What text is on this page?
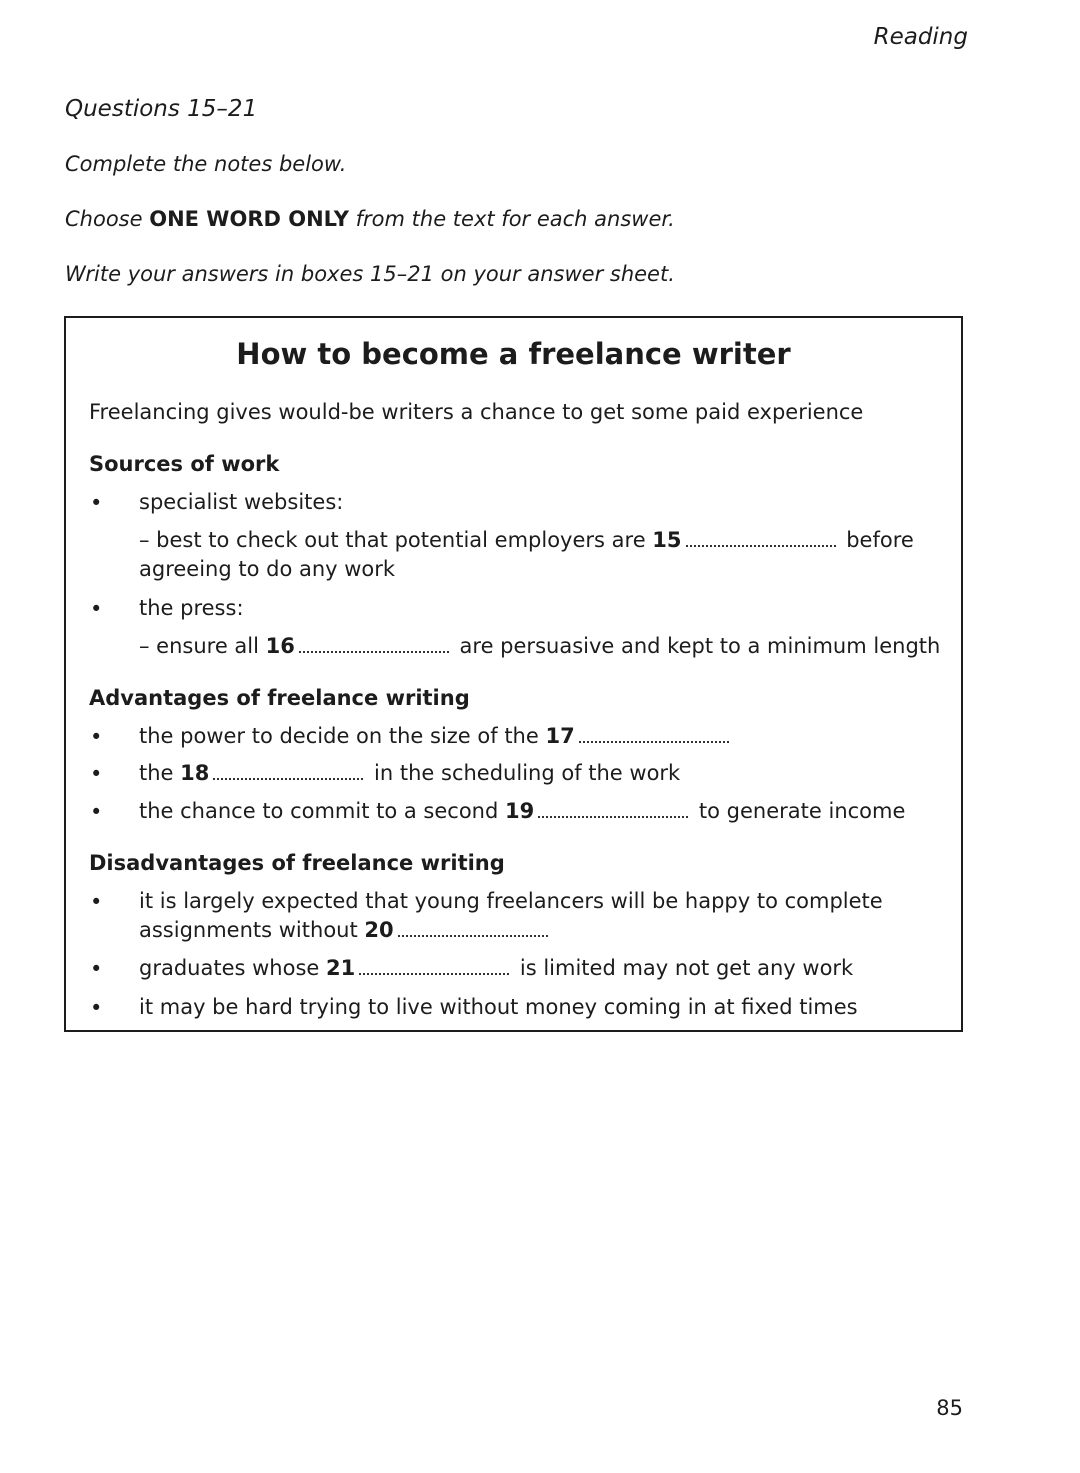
Reading
Questions 15–21
Complete the notes below.
Choose ONE WORD ONLY from the text for each answer.
Write your answers in boxes 15–21 on your answer sheet.
How to become a freelance writer
Freelancing gives would-be writers a chance to get some paid experience
Sources of work
• specialist websites:
– best to check out that potential employers are 15	before
agreeing to do any work
• the press:
– ensure all 16	are persuasive and kept to a minimum length
Advantages of freelance writing
• the power to decide on the size of the 17
• the 18	in the scheduling of the work
• the chance to commit to a second 19	to generate income
Disadvantages of freelance writing
• it is largely expected that young freelancers will be happy to complete
assignments without 20
• graduates whose 21	is limited may not get any work
• it may be hard trying to live without money coming in at fixed times
85
